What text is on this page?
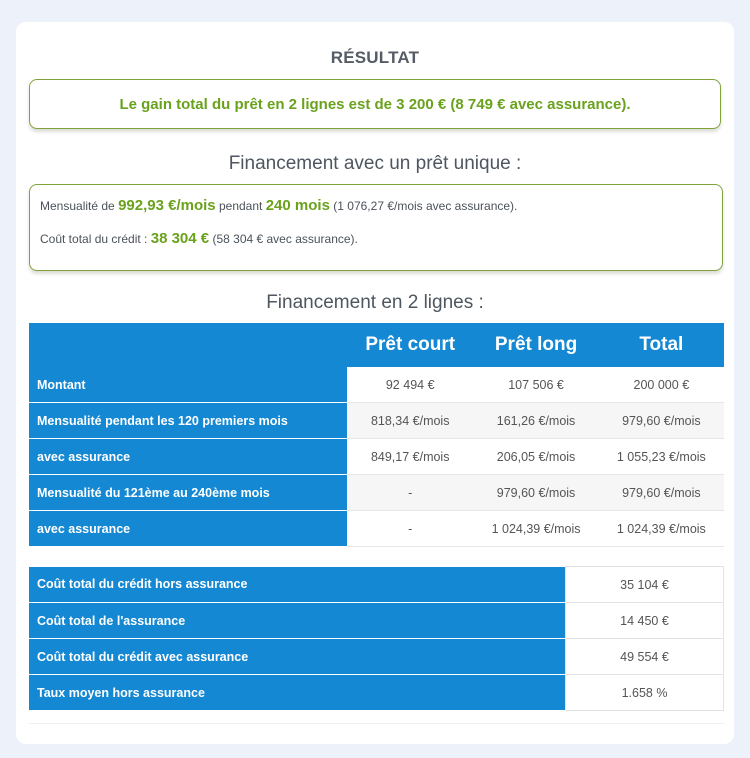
RÉSULTAT
Le gain total du prêt en 2 lignes est de 3 200 € (8 749 € avec assurance).
Financement avec un prêt unique :
Mensualité de 992,93 €/mois pendant 240 mois (1 076,27 €/mois avec assurance).
Coût total du crédit : 38 304 € (58 304 € avec assurance).
Financement en 2 lignes :
	Prêt court	Prêt long	Total
Montant	92 494 €	107 506 €	200 000 €
Mensualité pendant les 120 premiers mois	818,34 €/mois	161,26 €/mois	979,60 €/mois
avec assurance	849,17 €/mois	206,05 €/mois	1 055,23 €/mois
Mensualité du 121ème au 240ème mois	-	979,60 €/mois	979,60 €/mois
avec assurance	-	1 024,39 €/mois	1 024,39 €/mois
Coût total du crédit hors assurance	35 104 €
Coût total de l'assurance	14 450 €
Coût total du crédit avec assurance	49 554 €
Taux moyen hors assurance	1.658 %
